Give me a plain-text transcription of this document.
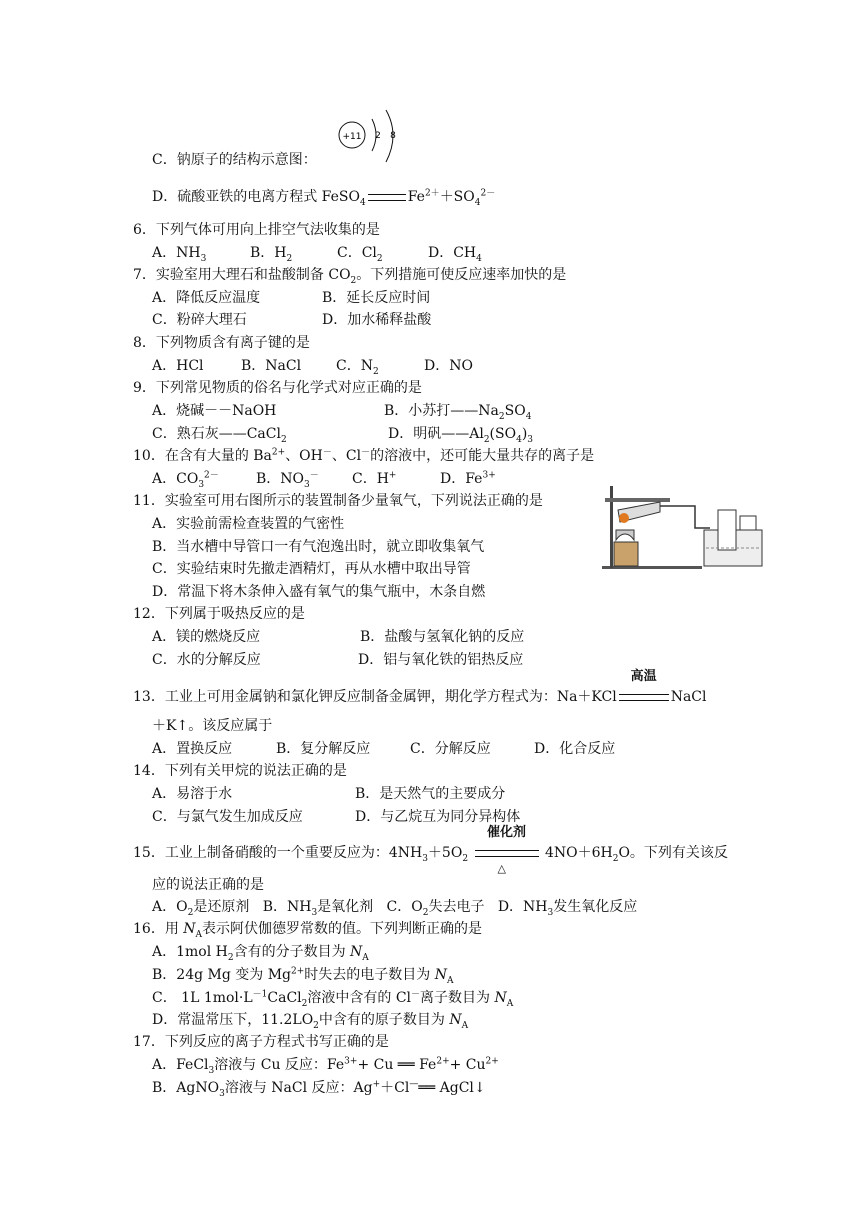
C．钠原子的结构示意图：
+11 2 8
D．硫酸亚铁的电离方程式 FeSO$_4$	$Fe^{2+}+SO_4^{2-}$
6．下列气体可用向上排空气法收集的是
A．$NH_3$	B．$H_2$	C．$Cl_2$	D．$CH_4$
7．实验室用大理石和盐酸制备 $CO_2$。下列措施可使反应速率加快的是
A．降低反应温度	B．延长反应时间
C．粉碎大理石	D．加水稀释盐酸
8．下列物质含有离子键的是
A．HCl	B．NaCl C．$N_2$	D．NO
9．下列常见物质的俗名与化学式对应正确的是
A．烧碱－－NaOH	B．小苏打$——Na_2SO_4$
C．熟石灰——CaCl$_2$	D．明矾$——Al_2(SO_4)_3$
10．在含有大量的 $Ba^{2+}$、OH－、Cl－的溶液中，还可能大量共存的离子是
A．$CO_3^{2-}$	B．$NO_3^-$ C．H+	D．$Fe^{3+}$
11．实验室可用右图所示的装置制备少量氧气，下列说法正确的是
A．实验前需检查装置的气密性
B．当水槽中导管口一有气泡逸出时，就立即收集氧气
C．实验结束时先撤走酒精灯，再从水槽中取出导管
D．常温下将木条伸入盛有氧气的集气瓶中，木条自燃
12．下列属于吸热反应的是
A．镁的燃烧反应	B．盐酸与氢氧化钠的反应
C．水的分解反应	D．铝与氧化铁的铝热反应
13．工业上可用金属钠和氯化钾反应制备金属钾，期化学方程式为：Na＋KCl
高温
NaCl
＋K↑。该反应属于
A．置换反应	B．复分解反应	C．分解反应	D．化合反应
14．下列有关甲烷的说法正确的是
A．易溶于水	B．是天然气的主要成分
C．与氯气发生加成反应	D．与乙烷互为同分异构体
15．工业上制备硝酸的一个重要反应为：$4NH_3+5O_2$
催化剂
△
$4NO+6H_2O$。下列有关该反
应的说法正确的是
A．$O_2$是还原剂 B．$NH_3$是氧化剂 C．$O_2$失去电子 D．$NH_3$发生氧化反应
16．用 $N_A$表示阿伏伽德罗常数的值。下列判断正确的是
A．1mol $H_2$含有的分子数目为 $N_A$
B．24g Mg 变为 $Mg^{2+}$时失去的电子数目为 $N_A$
C． 1L $1mol\cdot L^{-1}CaCl_2$溶液中含有的 Cl－离子数目为 $N_A$
D．常温常压下，$11.2LO_2$中含有的原子数目为 $N_A$
17．下列反应的离子方程式书写正确的是
A．FeCl$_3$溶液与 Cu 反应：$Fe^{3+}+ Cu$ ══ $Fe^{2+}+ Cu^{2+}$
B．AgNO$_3$溶液与 NaCl 反应：Ag+＋Cl—══ AgCl↓
